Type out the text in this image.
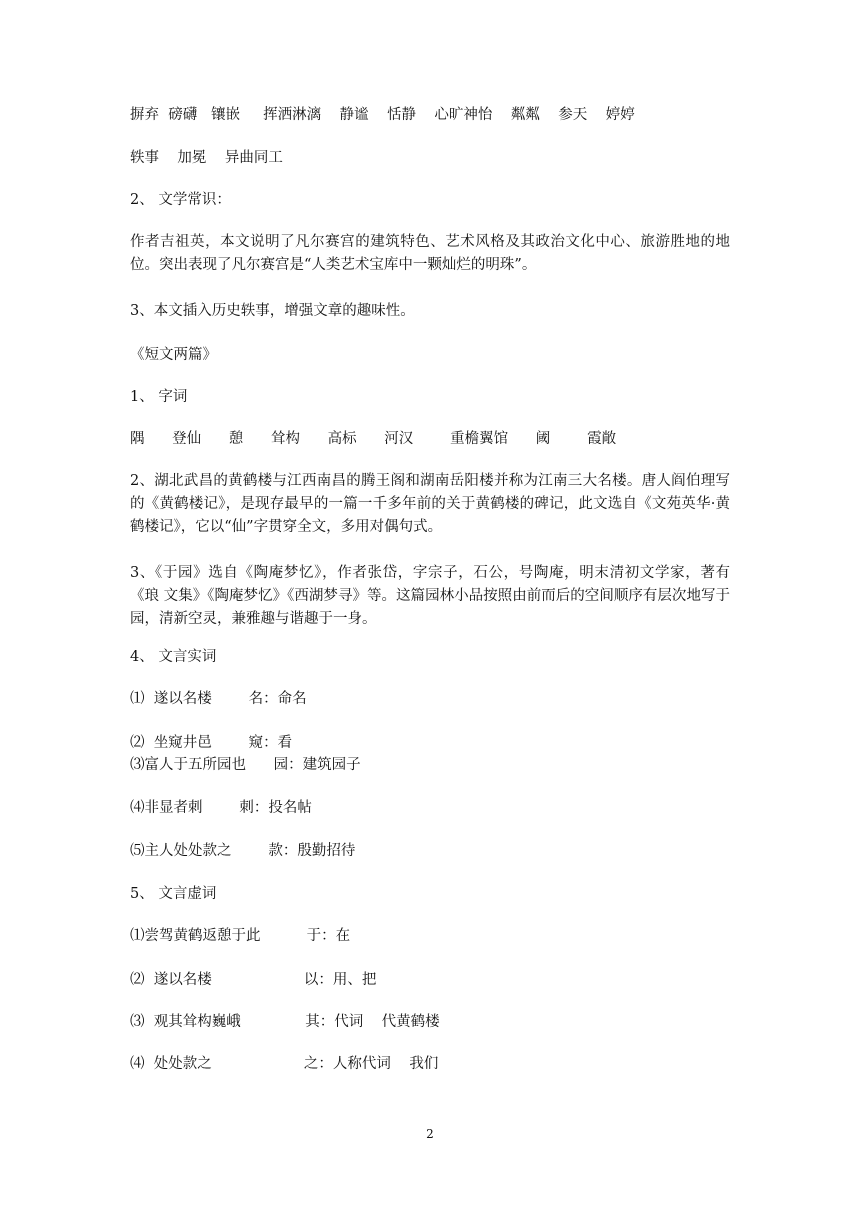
摒弃  磅礴   镶嵌     挥洒淋漓    静谧    恬静    心旷神怡    粼粼    参天    婷婷
轶事    加冕    异曲同工
2、 文学常识：
作者吉祖英，本文说明了凡尔赛宫的建筑特色、艺术风格及其政治文化中心、旅游胜地的地位。突出表现了凡尔赛宫是“人类艺术宝库中一颗灿烂的明珠”。
3、本文插入历史轶事，增强文章的趣味性。
《短文两篇》
1、 字词
隅      登仙      憩      耸构      高标      河汉        重檐翼馆      阈        霞敞
2、湖北武昌的黄鹤楼与江西南昌的腾王阁和湖南岳阳楼并称为江南三大名楼。唐人阎伯理写的《黄鹤楼记》，是现存最早的一篇一千多年前的关于黄鹤楼的碑记，此文选自《文苑英华·黄鹤楼记》，它以“仙”字贯穿全文，多用对偶句式。
3、《于园》选自《陶庵梦忆》，作者张岱，字宗子，石公，号陶庵，明末清初文学家，著有《琅 文集》《陶庵梦忆》《西湖梦寻》等。这篇园林小品按照由前而后的空间顺序有层次地写于园，清新空灵，兼雅趣与谐趣于一身。
4、 文言实词
⑴  遂以名楼        名：命名
⑵  坐窥井邑        窥：看
⑶富人于五所园也      园：建筑园子
⑷非显者刺        刺：投名帖
⑸主人处处款之        款：殷勤招待
5、 文言虚词
⑴尝驾黄鹤返憩于此          于：在
⑵  遂以名楼                    以：用、把
⑶  观其耸构巍峨              其：代词    代黄鹤楼
⑷  处处款之                    之：人称代词    我们
2
